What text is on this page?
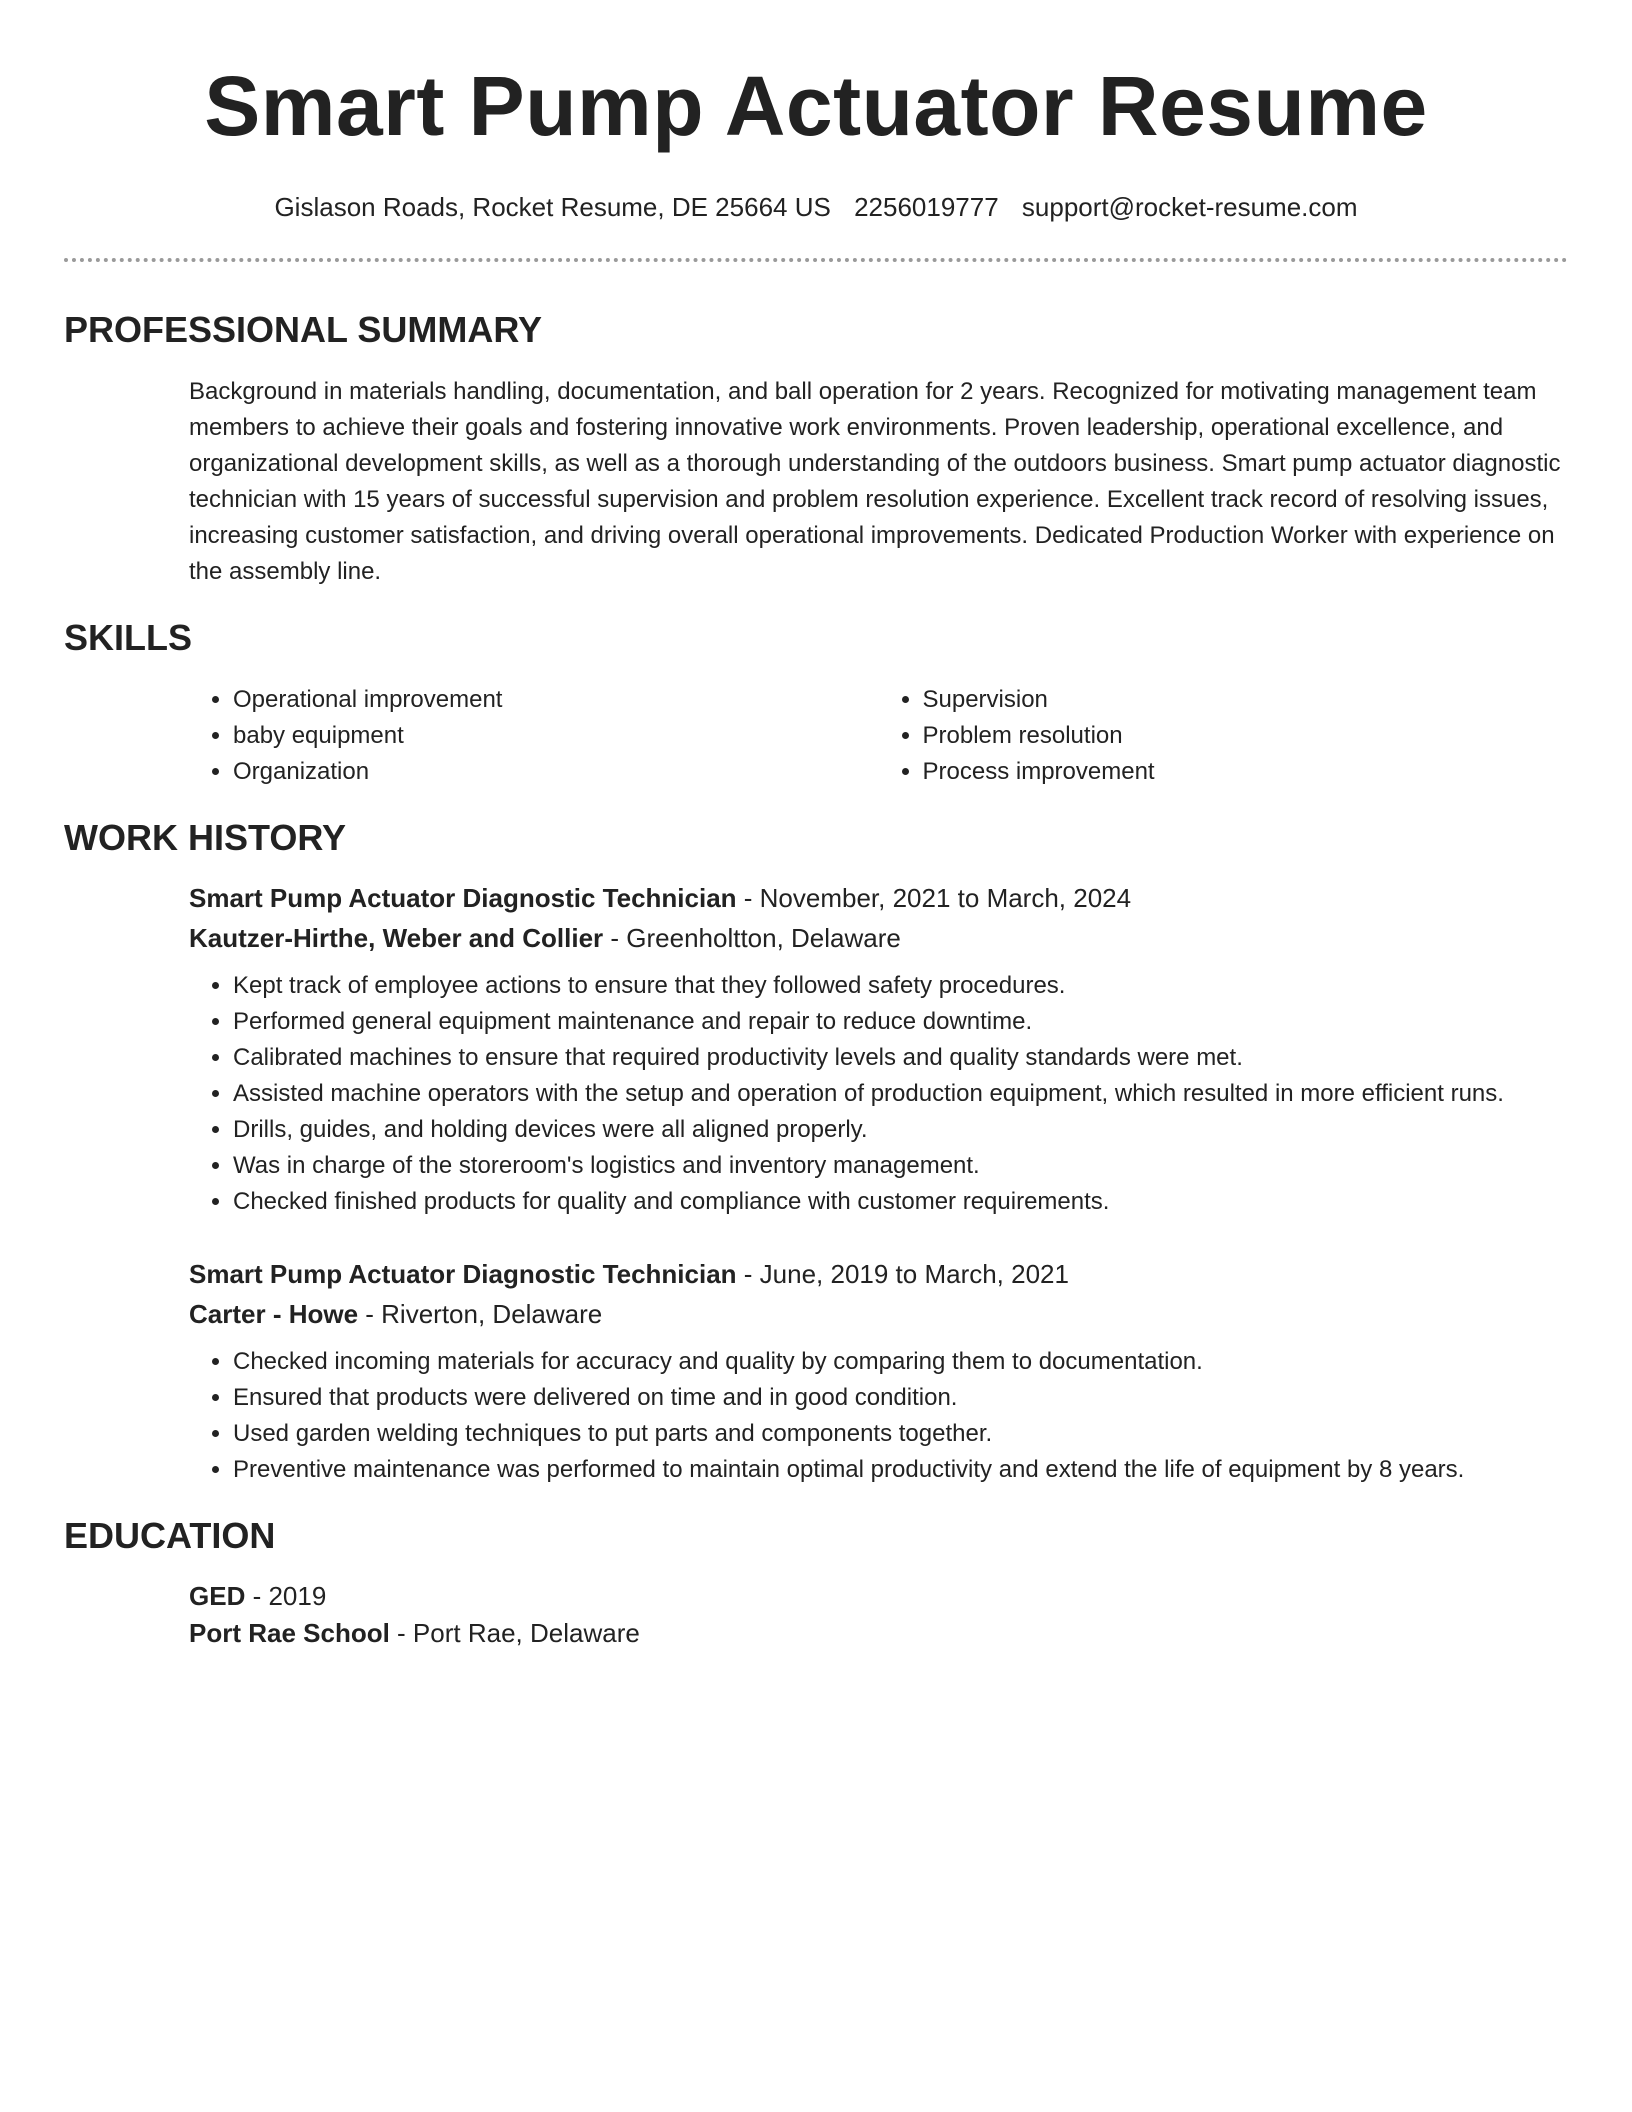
Smart Pump Actuator Resume
Gislason Roads, Rocket Resume, DE 25664 US 2256019777 support@rocket-resume.com
PROFESSIONAL SUMMARY

Background in materials handling, documentation, and ball operation for 2 years. Recognized for motivating management team members to achieve their goals and fostering innovative work environments. Proven leadership, operational excellence, and organizational development skills, as well as a thorough understanding of the outdoors business. Smart pump actuator diagnostic technician with 15 years of successful supervision and problem resolution experience. Excellent track record of resolving issues, increasing customer satisfaction, and driving overall operational improvements. Dedicated Production Worker with experience on the assembly line.

SKILLS
• Operational improvement
• baby equipment
• Organization
• Supervision
• Problem resolution
• Process improvement
WORK HISTORY
Smart Pump Actuator Diagnostic Technician - November, 2021 to March, 2024
Kautzer-Hirthe, Weber and Collier - Greenholtton, Delaware
• Kept track of employee actions to ensure that they followed safety procedures.
• Performed general equipment maintenance and repair to reduce downtime.
• Calibrated machines to ensure that required productivity levels and quality standards were met.
• Assisted machine operators with the setup and operation of production equipment, which resulted in more efficient runs.
• Drills, guides, and holding devices were all aligned properly.
• Was in charge of the storeroom's logistics and inventory management.
• Checked finished products for quality and compliance with customer requirements.
Smart Pump Actuator Diagnostic Technician - June, 2019 to March, 2021
Carter - Howe - Riverton, Delaware
• Checked incoming materials for accuracy and quality by comparing them to documentation.
• Ensured that products were delivered on time and in good condition.
• Used garden welding techniques to put parts and components together.
• Preventive maintenance was performed to maintain optimal productivity and extend the life of equipment by 8 years.
EDUCATION
GED - 2019
Port Rae School - Port Rae, Delaware
